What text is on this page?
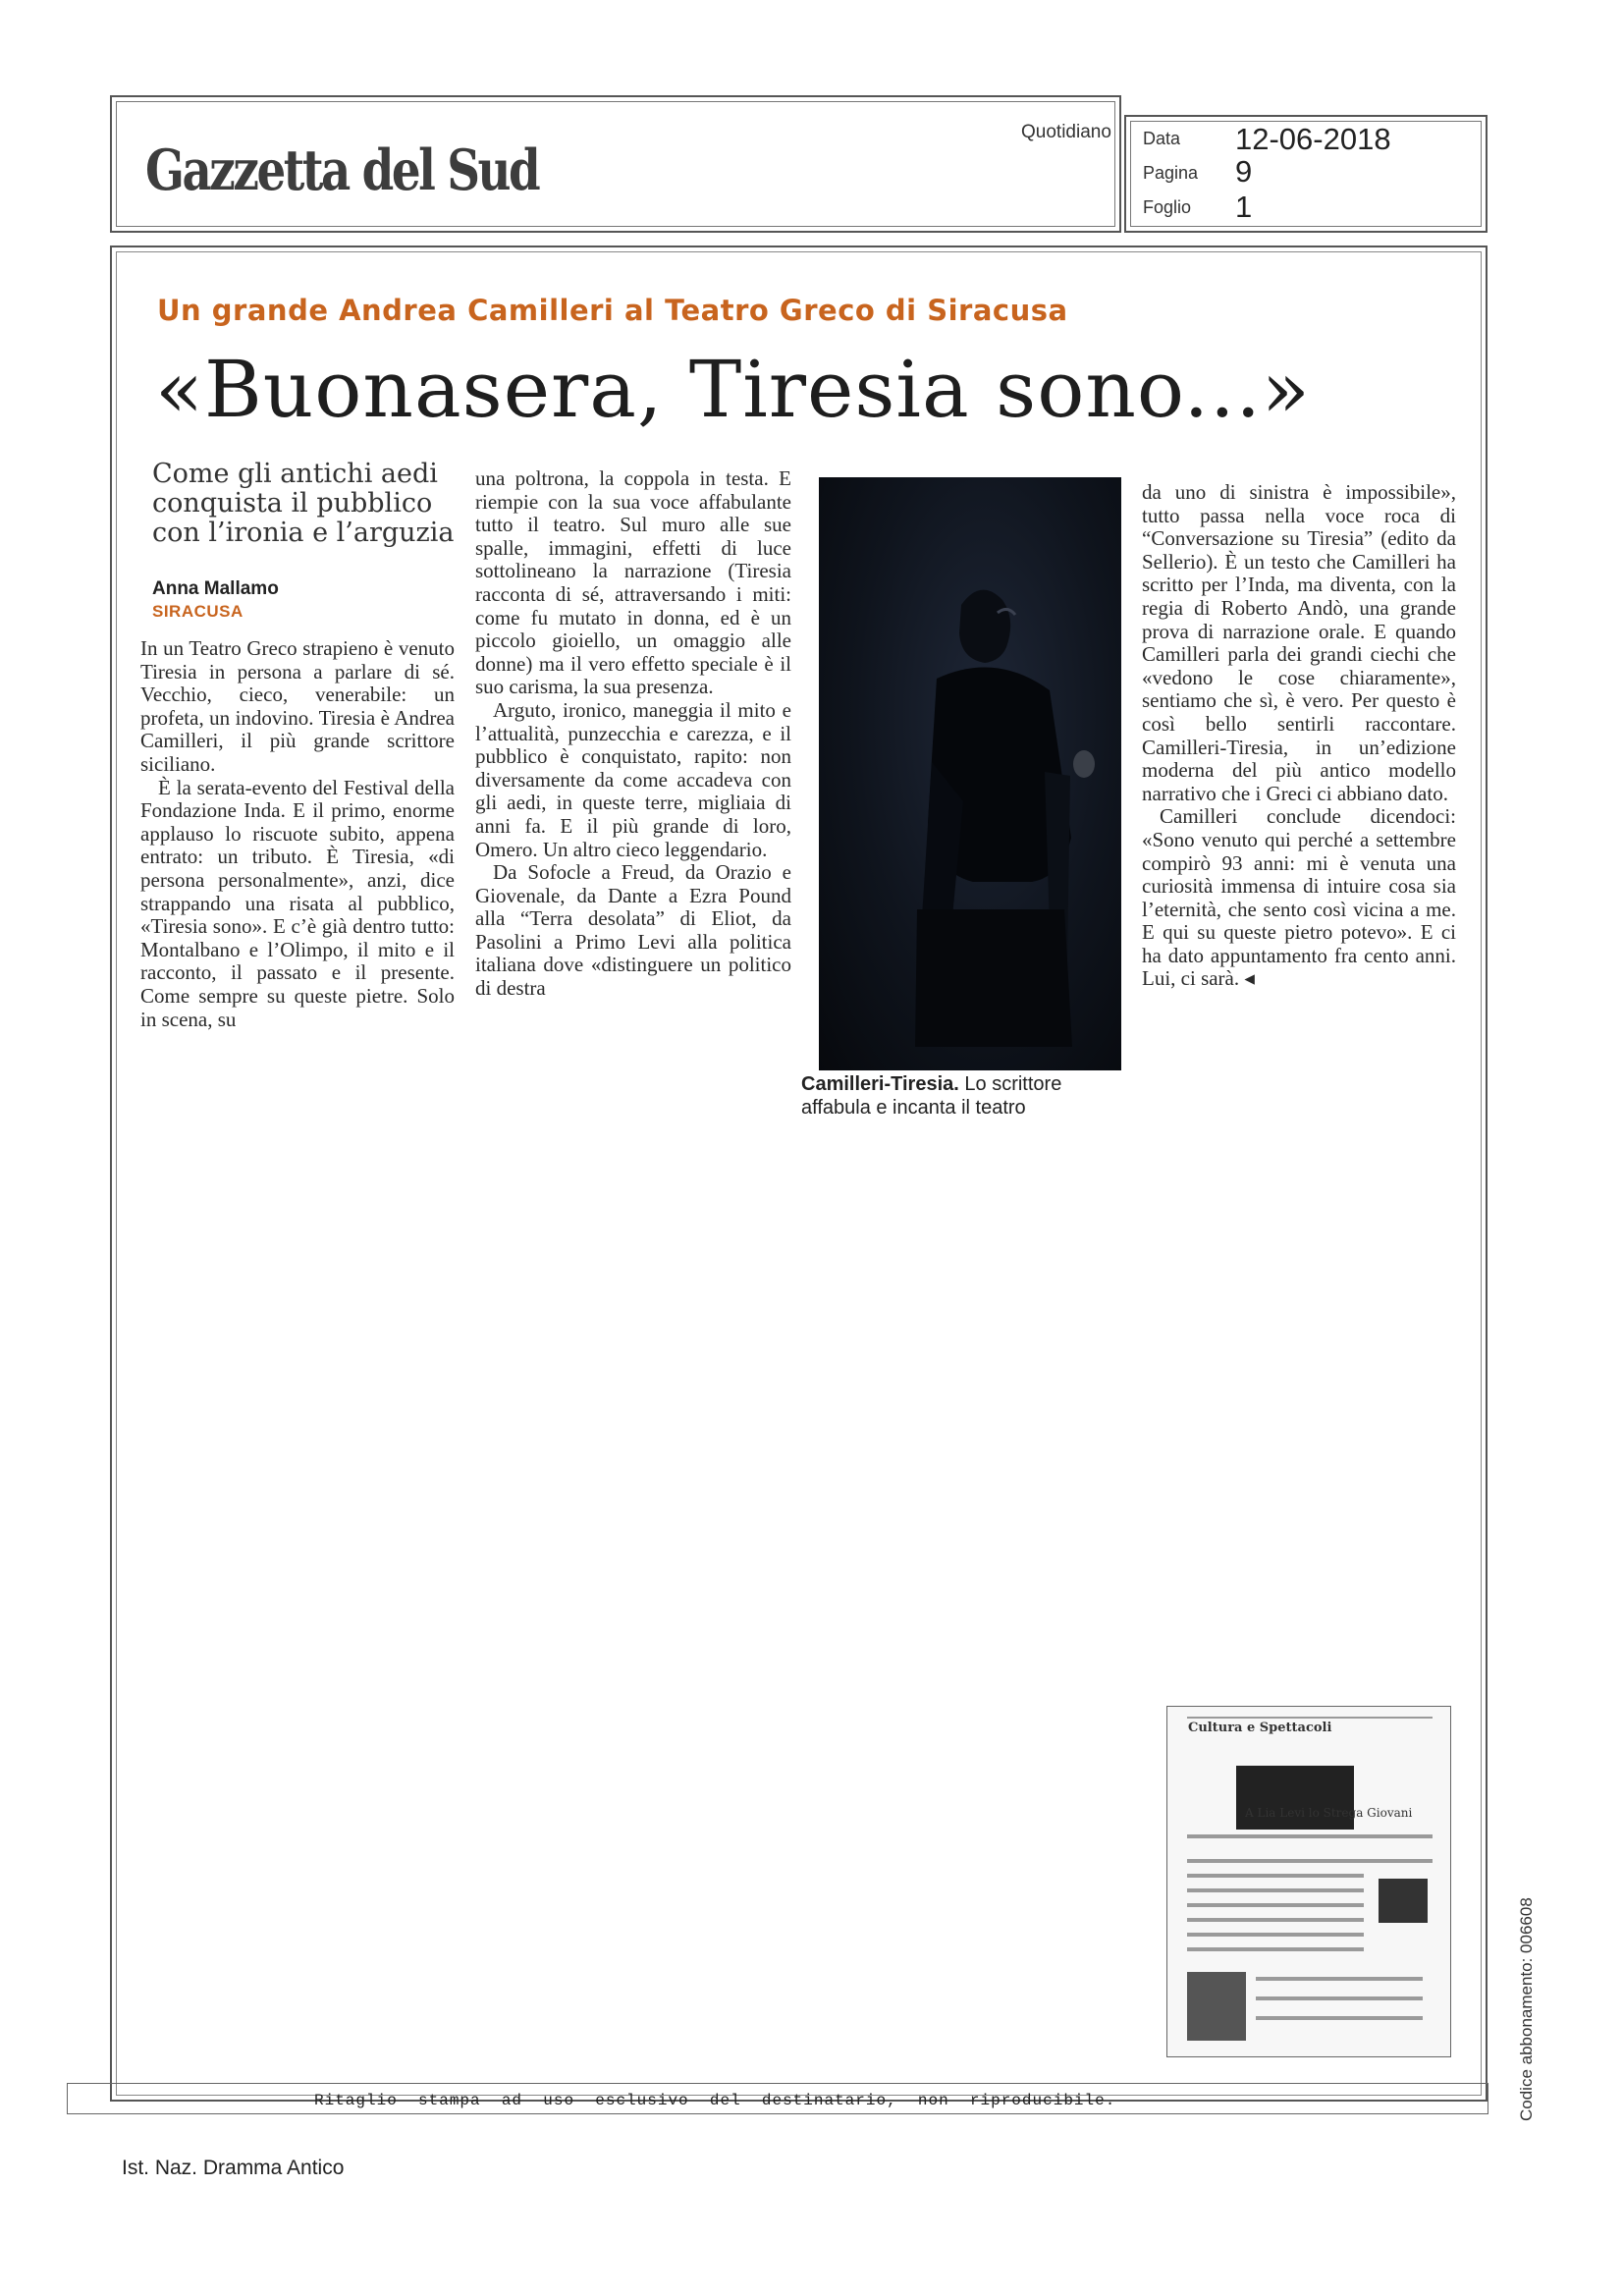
Gazzetta del Sud
Quotidiano Data 12-06-2018
Pagina 9
Foglio 1
Un grande Andrea Camilleri al Teatro Greco di Siracusa
«Buonasera, Tiresia sono...»
Come gli antichi aedi conquista il pubblico con l’ironia e l’arguzia
Anna Mallamo
SIRACUSA

In un Teatro Greco strapieno è venuto Tiresia in persona a parlare di sé. Vecchio, cieco, venerabile: un profeta, un indovino. Tiresia è Andrea Camilleri, il più grande scrittore siciliano.

È la serata-evento del Festival della Fondazione Inda. E il primo, enorme applauso lo riscuote subito, appena entrato: un tributo. È Tiresia, «di persona personalmente», anzi, dice strappando una risata al pubblico, «Tiresia sono». E c’è già dentro tutto: Montalbano e l’Olimpo, il mito e il racconto, il passato e il presente. Come sempre su queste pietre. Solo in scena, su

una poltrona, la coppola in testa. E riempie con la sua voce affabulante tutto il teatro. Sul muro alle sue spalle, immagini, effetti di luce sottolineano la narrazione (Tiresia racconta di sé, attraversando i miti: come fu mutato in donna, ed è un piccolo gioiello, un omaggio alle donne) ma il vero effetto speciale è il suo carisma, la sua presenza.

Arguto, ironico, maneggia il mito e l’attualità, punzecchia e carezza, e il pubblico è conquistato, rapito: non diversamente da come accadeva con gli aedi, in queste terre, migliaia di anni fa. E il più grande di loro, Omero. Un altro cieco leggendario.

Da Sofocle a Freud, da Orazio e Giovenale, da Dante a Ezra Pound alla “Terra desolata” di Eliot, da Pasolini a Primo Levi alla politica italiana dove «distinguere un politico di destra

Camilleri-Tiresia. Lo scrittore affabula e incanta il teatro

da uno di sinistra è impossibile», tutto passa nella voce roca di “Conversazione su Tiresia” (edito da Sellerio). È un testo che Camilleri ha scritto per l’Inda, ma diventa, con la regia di Roberto Andò, una grande prova di narrazione orale. E quando Camilleri parla dei grandi ciechi che «vedono le cose chiaramente», sentiamo che sì, è vero. Per questo è così bello sentirli raccontare. Camilleri-Tiresia, in un’edizione moderna del più antico modello narrativo che i Greci ci abbiano dato.

Camilleri conclude dicendoci: «Sono venuto qui perché a settembre compirò 93 anni: mi è venuta una curiosità immensa di intuire cosa sia l’eternità, che sento così vicina a me. E qui su queste pietro potevo». E ci ha dato appuntamento fra cento anni. Lui, ci sarà. ◂

Cultura e Spettacoli
A Lia Levi lo Strega Giovani
Codice abbonamento: 006608
Ritaglio  stampa  ad  uso  esclusivo  del  destinatario,  non  riproducibile.
Ist. Naz. Dramma Antico
